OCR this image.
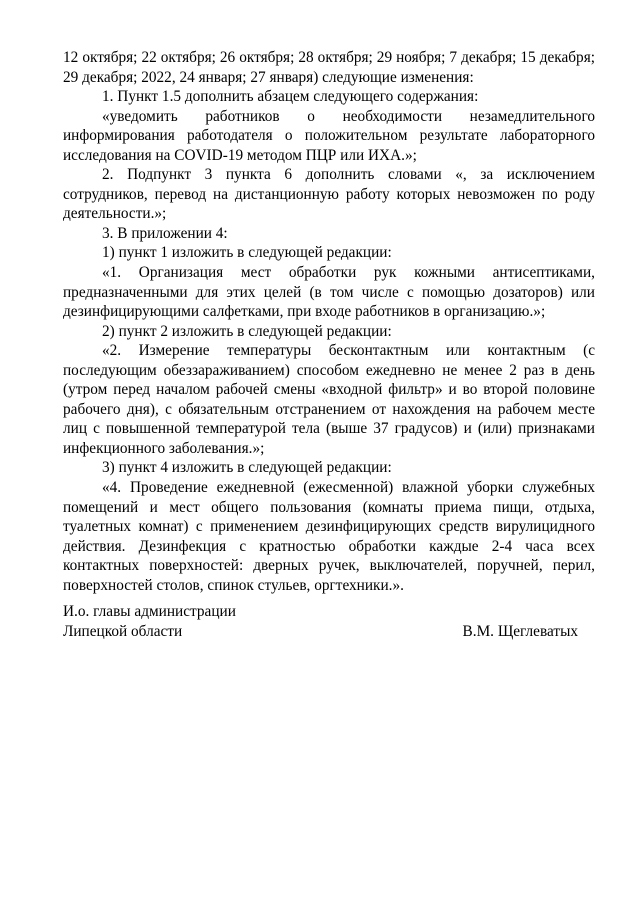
12 октября; 22 октября; 26 октября; 28 октября; 29 ноября; 7 декабря; 15 декабря; 29 декабря; 2022, 24 января; 27 января) следующие изменения:

1. Пункт 1.5 дополнить абзацем следующего содержания:

«уведомить работников о необходимости незамедлительного информирования работодателя о положительном результате лабораторного исследования на COVID-19 методом ПЦР или ИХА.»;

2. Подпункт 3 пункта 6 дополнить словами «, за исключением сотрудников, перевод на дистанционную работу которых невозможен по роду деятельности.»;

3. В приложении 4:

1) пункт 1 изложить в следующей редакции:

«1. Организация мест обработки рук кожными антисептиками, предназначенными для этих целей (в том числе с помощью дозаторов) или дезинфицирующими салфетками, при входе работников в организацию.»;

2) пункт 2 изложить в следующей редакции:

«2. Измерение температуры бесконтактным или контактным (с последующим обеззараживанием) способом ежедневно не менее 2 раз в день (утром перед началом рабочей смены «входной фильтр» и во второй половине рабочего дня), с обязательным отстранением от нахождения на рабочем месте лиц с повышенной температурой тела (выше 37 градусов) и (или) признаками инфекционного заболевания.»;

3) пункт 4 изложить в следующей редакции:

«4. Проведение ежедневной (ежесменной) влажной уборки служебных помещений и мест общего пользования (комнаты приема пищи, отдыха, туалетных комнат) с применением дезинфицирующих средств вирулицидного действия. Дезинфекция с кратностью обработки каждые 2-4 часа всех контактных поверхностей: дверных ручек, выключателей, поручней, перил, поверхностей столов, спинок стульев, оргтехники.».

И.о. главы администрации
Липецкой области	В.М. Щеглеватых
